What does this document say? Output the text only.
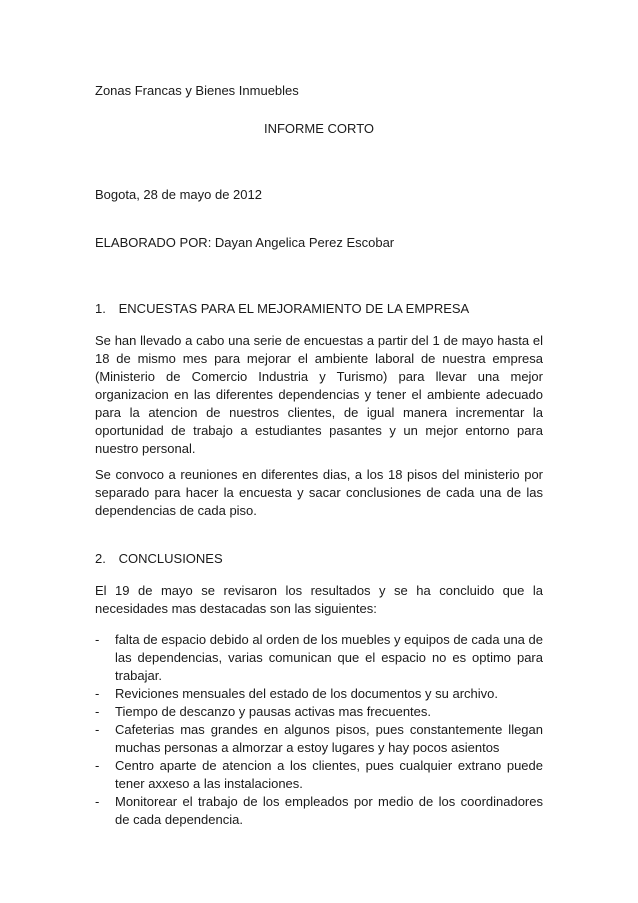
Zonas Francas y Bienes Inmuebles
INFORME CORTO
Bogota, 28 de mayo de 2012
ELABORADO POR: Dayan Angelica Perez Escobar
1. ENCUESTAS PARA EL MEJORAMIENTO DE LA EMPRESA
Se han llevado a cabo una serie de encuestas a partir del 1 de mayo hasta el 18 de mismo mes para mejorar el ambiente laboral de nuestra empresa (Ministerio de Comercio Industria y Turismo) para llevar una mejor organizacion en las diferentes dependencias y tener el ambiente adecuado para la atencion de nuestros clientes, de igual manera incrementar la oportunidad de trabajo a estudiantes pasantes y un mejor entorno para nuestro personal.
Se convoco a reuniones en diferentes dias, a los 18 pisos del ministerio por separado para hacer la encuesta y sacar conclusiones de cada una de las dependencias de cada piso.
2. CONCLUSIONES
El 19 de mayo se revisaron los resultados y se ha concluido que la necesidades mas destacadas son las siguientes:
- falta de espacio debido al orden de los muebles y equipos de cada una de las dependencias, varias comunican que el espacio no es optimo para trabajar.
- Reviciones mensuales del estado de los documentos y su archivo.
- Tiempo de descanzo y pausas activas mas frecuentes.
- Cafeterias mas grandes en algunos pisos, pues constantemente llegan muchas personas a almorzar a estoy lugares y hay pocos asientos
- Centro aparte de atencion a los clientes, pues cualquier extrano puede tener axxeso a las instalaciones.
- Monitorear el trabajo de los empleados por medio de los coordinadores de cada dependencia.
